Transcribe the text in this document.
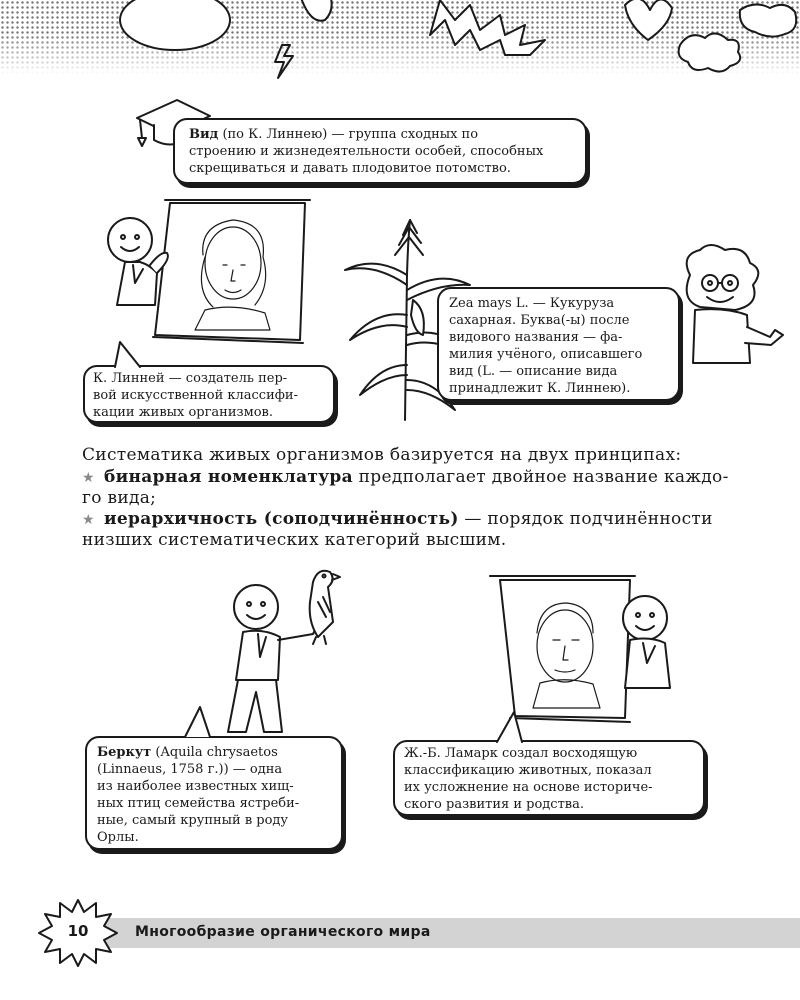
Вид (по К. Линнею) — группа сходных по
строению и жизнедеятельности особей, способных
скрещиваться и давать плодовитое потомство.
К. Линней — создатель пер-
вой искусственной классифи-
кации живых организмов.
Zea mays L. — Кукуруза
сахарная. Буква(-ы) после
видового названия — фа-
милия учёного, описавшего
вид (L. — описание вида
принадлежит К. Линнею).
Систематика живых организмов базируется на двух принципах:
★ бинарная номенклатура предполагает двойное название каждо-
го вида;
★ иерархичность (соподчинённость) — порядок подчинённости
низших систематических категорий высшим.
Беркут (Aquila chrysaetos
(Linnaeus, 1758 г.)) — одна
из наиболее известных хищ-
ных птиц семейства ястреби-
ные, самый крупный в роду
Орлы.
Ж.-Б. Ламарк создал восходящую
классификацию животных, показал
их усложнение на основе историче-
ского развития и родства.
10	Многообразие органического мира
